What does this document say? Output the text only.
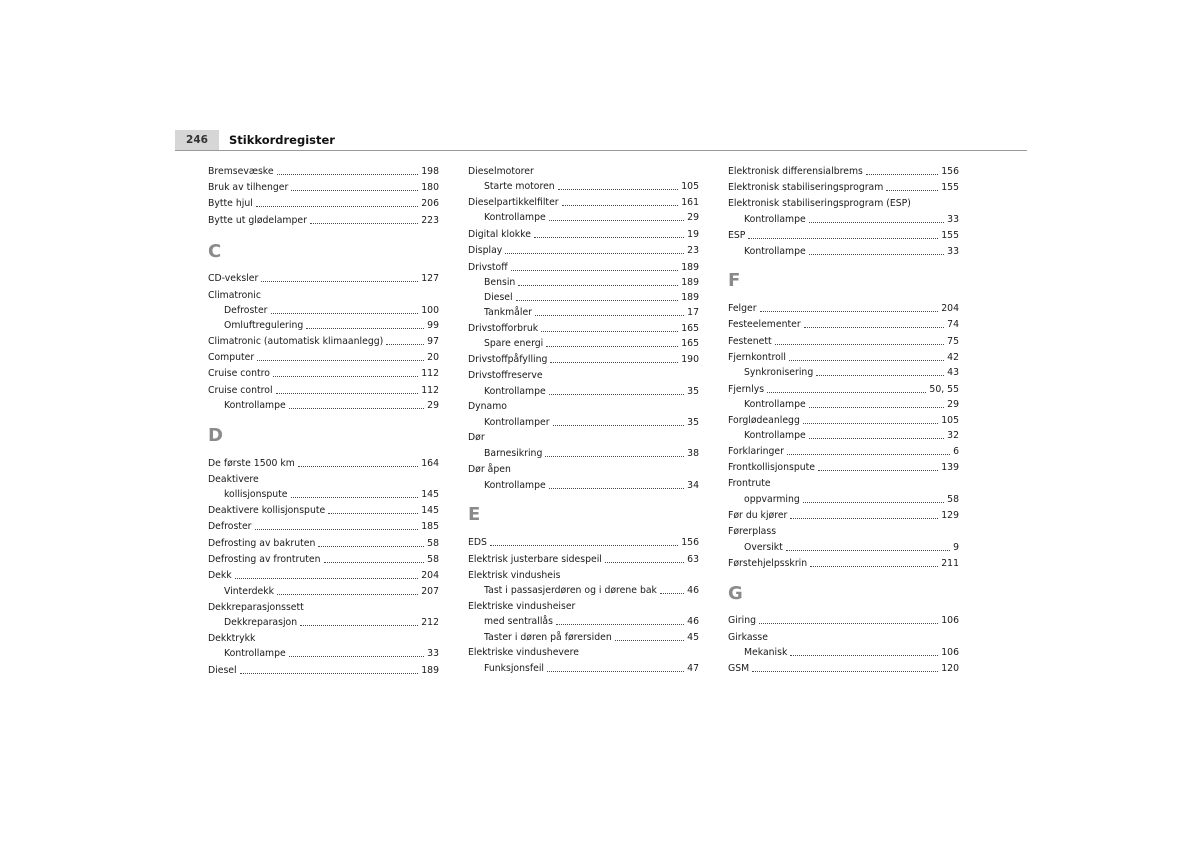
246	Stikkordregister
Bremsevæske	198
Bruk av tilhenger	180
Bytte hjul	206
Bytte ut glødelamper	223
C
CD-veksler	127
Climatronic
Defroster	100
Omluftregulering	99
Climatronic (automatisk klimaanlegg)	97
Computer	20
Cruise contro	112
Cruise control	112
Kontrollampe	29
D
De første 1500 km	164
Deaktivere
kollisjonspute	145
Deaktivere kollisjonspute	145
Defroster	185
Defrosting av bakruten	58
Defrosting av frontruten	58
Dekk	204
Vinterdekk	207
Dekkreparasjonssett
Dekkreparasjon	212
Dekktrykk
Kontrollampe	33
Diesel	189
Dieselmotorer
Starte motoren	105
Dieselpartikkelfilter	161
Kontrollampe	29
Digital klokke	19
Display	23
Drivstoff	189
Bensin	189
Diesel	189
Tankmåler	17
Drivstofforbruk	165
Spare energi	165
Drivstoffpåfylling	190
Drivstoffreserve
Kontrollampe	35
Dynamo
Kontrollamper	35
Dør
Barnesikring	38
Dør åpen
Kontrollampe	34
E
EDS	156
Elektrisk justerbare sidespeil	63
Elektrisk vindusheis
Tast i passasjerdøren og i dørene bak	46
Elektriske vindusheiser
med sentrallås	46
Taster i døren på førersiden	45
Elektriske vindushevere
Funksjonsfeil	47
Elektronisk differensialbrems	156
Elektronisk stabiliseringsprogram	155
Elektronisk stabiliseringsprogram (ESP)
Kontrollampe	33
ESP	155
Kontrollampe	33
F
Felger	204
Festeelementer	74
Festenett	75
Fjernkontroll	42
Synkronisering	43
Fjernlys	50, 55
Kontrollampe	29
Forglødeanlegg	105
Kontrollampe	32
Forklaringer	6
Frontkollisjonspute	139
Frontrute
oppvarming	58
Før du kjører	129
Førerplass
Oversikt	9
Førstehjelpsskrin	211
G
Giring	106
Girkasse
Mekanisk	106
GSM	120
